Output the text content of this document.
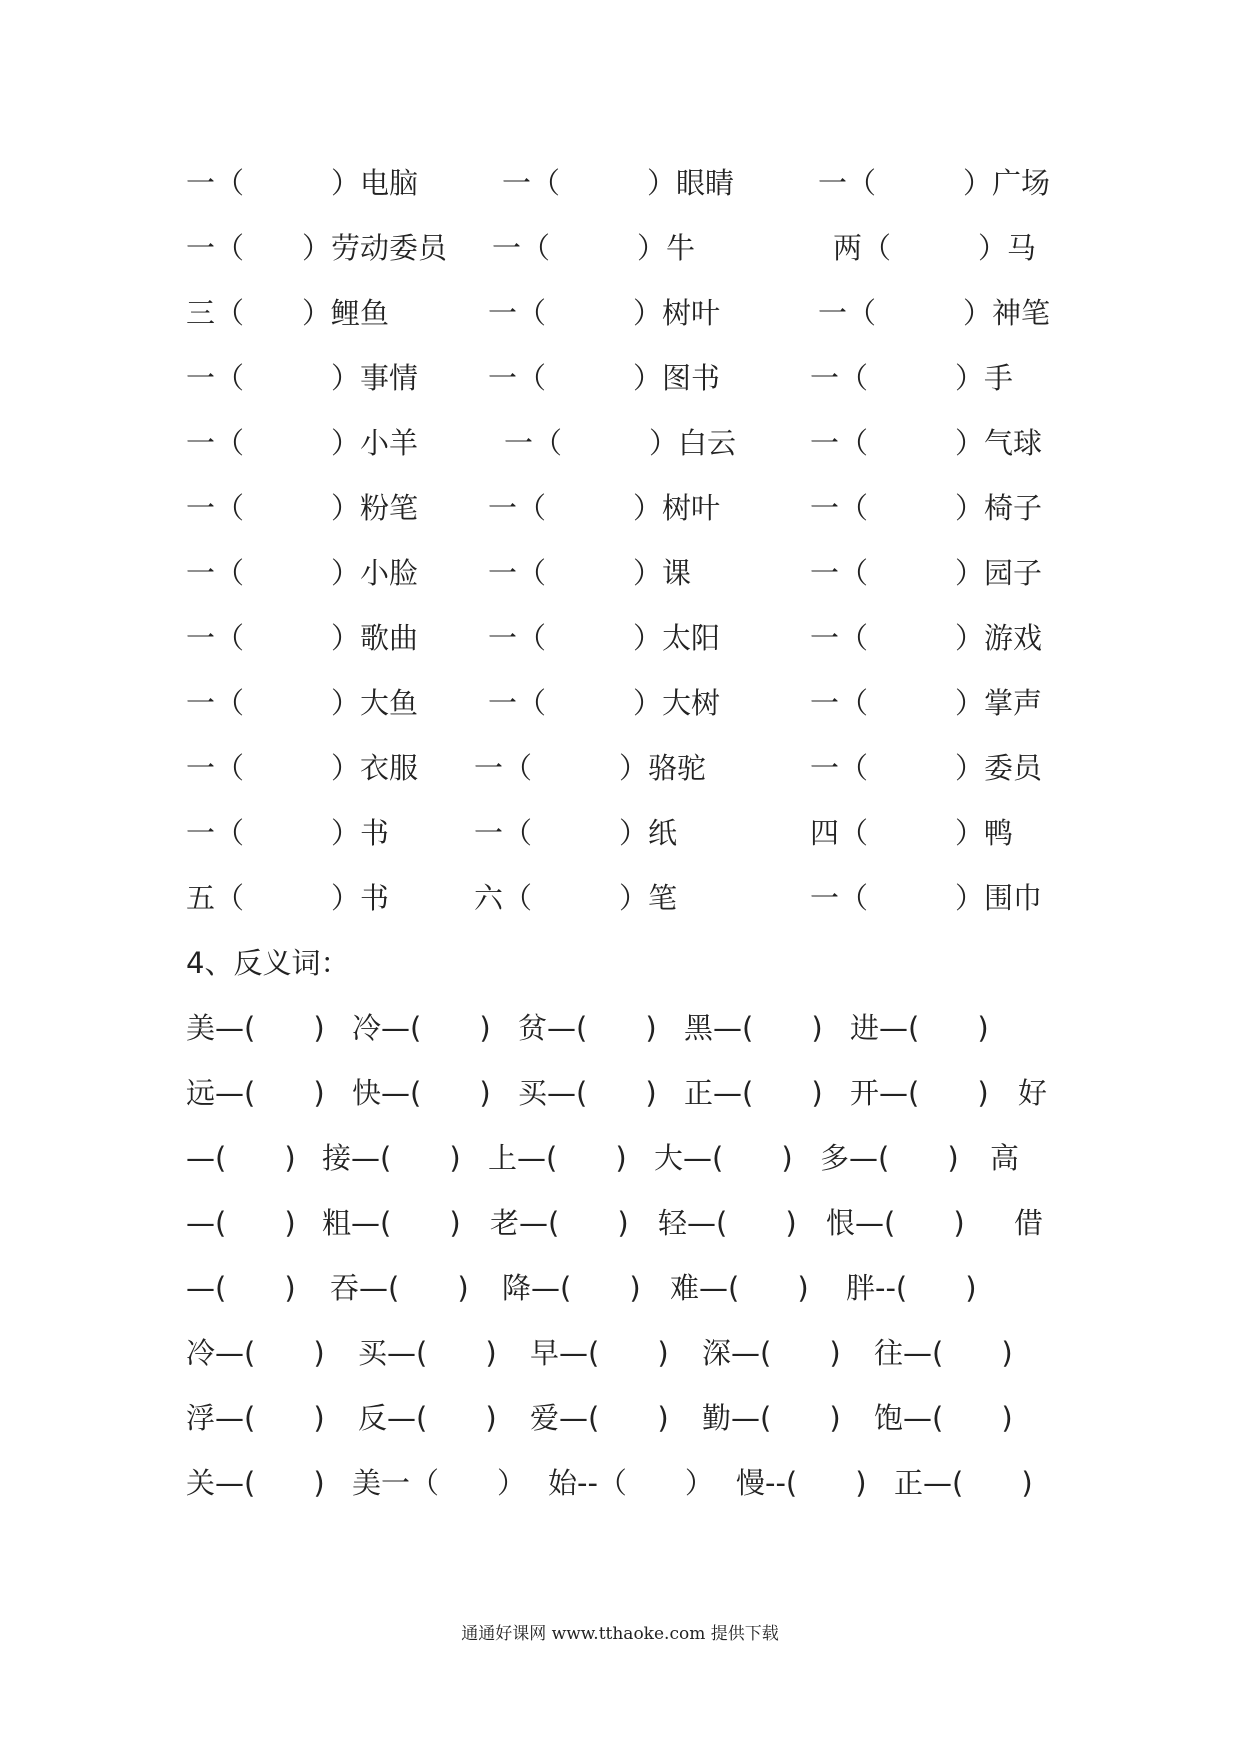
一（　　　）电脑	一（　　　）眼睛	一（　　　）广场
一（　　）劳动委员 一（　　　）牛	两（　　　）马
三（　　）鲤鱼	一（　　　）树叶	一（　　　）神笔
一（　　　）事情 一（　　　）图书	一（　　　）手
一（　　　）小羊	一（　　　）白云	一（　　　）气球
一（　　　）粉笔 一（　　　）树叶	一（　　　）椅子
一（　　　）小脸 一（　　　）课	一（　　　）园子
一（　　　）歌曲 一（　　　）太阳	一（　　　）游戏
一（　　　）大鱼 一（　　　）大树	一（　　　）掌声
一（　　　）衣服 一（　　　）骆驼	一（　　　）委员
一（　　　）书	一（　　　）纸	四（　　　）鸭
五（　　　）书	六（　　　）笔	一（　　　）围巾
4、反义词：
美—(　　) 冷—(　　) 贫—(　　) 黑—(　　) 进—(　　)
远—(　　) 快—(　　) 买—(　　) 正—(　　) 开—(　　) 好
—(　　) 接—(　　) 上—(　　) 大—(　　) 多—(　　) 高
—(　　) 粗—(　　) 老—(　　) 轻—(　　) 恨—(　　) 借
—(　　) 吞—(　　) 降—(　　) 难—(　　) 胖--(　　)
冷—(　　) 买—(　　) 早—(　　) 深—(　　) 往—(　　)
浮—(　　) 反—(　　) 爱—(　　) 勤—(　　) 饱—(　　)
关—(　　) 美一（　　） 始--（　　） 慢--(　　) 正—(　　)
通通好课网 www.tthaoke.com 提供下载
